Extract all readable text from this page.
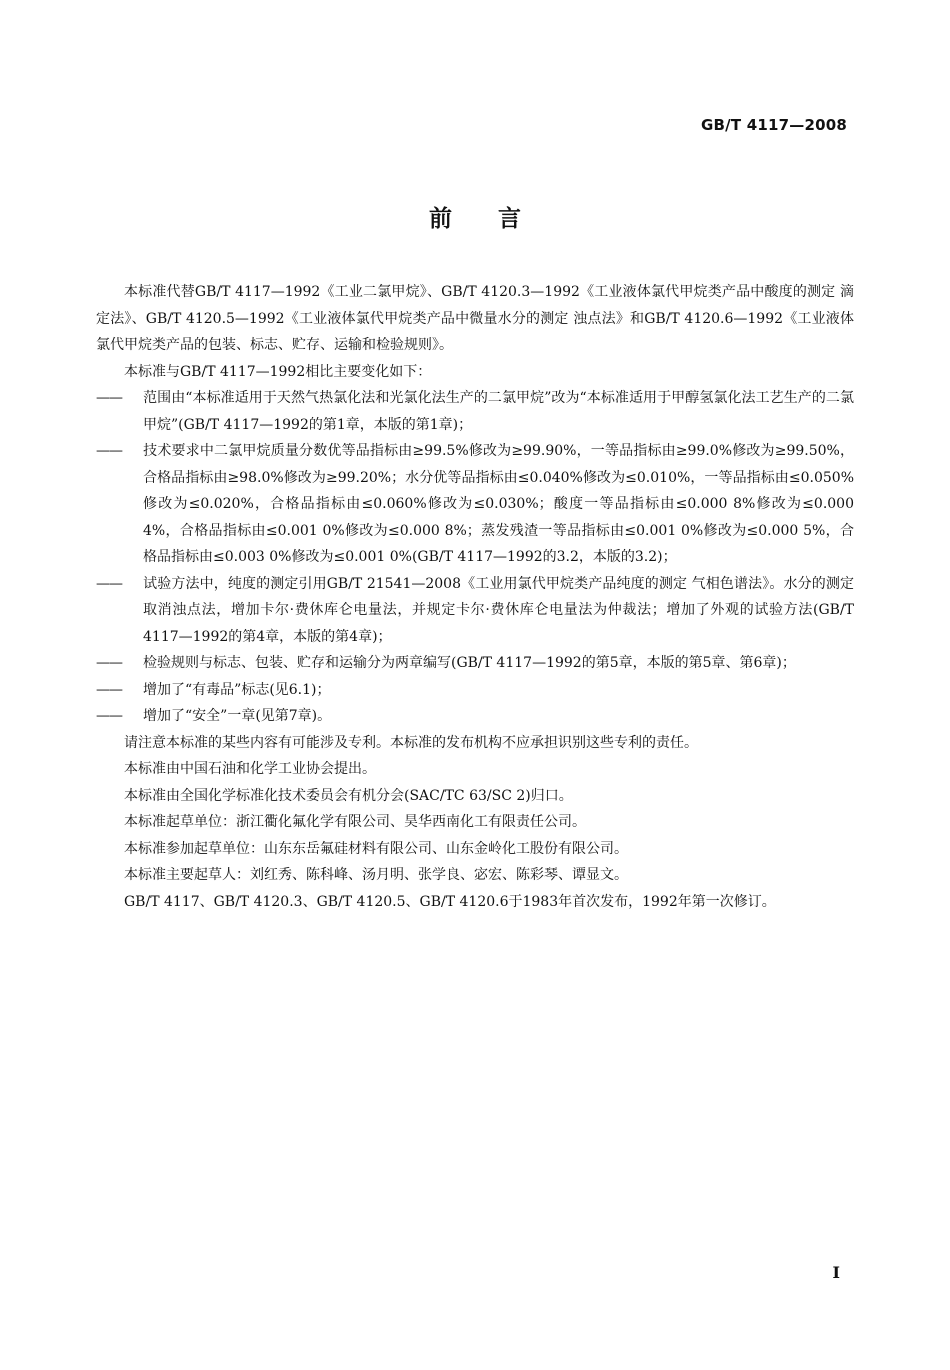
GB/T 4117—2008
前言

本标准代替GB/T 4117—1992《工业二氯甲烷》、GB/T 4120.3—1992《工业液体氯代甲烷类产品中酸度的测定 滴定法》、GB/T 4120.5—1992《工业液体氯代甲烷类产品中微量水分的测定 浊点法》和GB/T 4120.6—1992《工业液体氯代甲烷类产品的包装、标志、贮存、运输和检验规则》。

本标准与GB/T 4117—1992相比主要变化如下：

—— 范围由“本标准适用于天然气热氯化法和光氯化法生产的二氯甲烷”改为“本标准适用于甲醇氢氯化法工艺生产的二氯甲烷”(GB/T 4117—1992的第1章，本版的第1章)；

—— 技术要求中二氯甲烷质量分数优等品指标由≥99.5%修改为≥99.90%，一等品指标由≥99.0%修改为≥99.50%，合格品指标由≥98.0%修改为≥99.20%；水分优等品指标由≤0.040%修改为≤0.010%，一等品指标由≤0.050%修改为≤0.020%，合格品指标由≤0.060%修改为≤0.030%；酸度一等品指标由≤0.000 8%修改为≤0.000 4%，合格品指标由≤0.001 0%修改为≤0.000 8%；蒸发残渣一等品指标由≤0.001 0%修改为≤0.000 5%，合格品指标由≤0.003 0%修改为≤0.001 0%(GB/T 4117—1992的3.2，本版的3.2)；

—— 试验方法中，纯度的测定引用GB/T 21541—2008《工业用氯代甲烷类产品纯度的测定 气相色谱法》。水分的测定取消浊点法，增加卡尔·费休库仑电量法，并规定卡尔·费休库仑电量法为仲裁法；增加了外观的试验方法(GB/T 4117—1992的第4章，本版的第4章)；

—— 检验规则与标志、包装、贮存和运输分为两章编写(GB/T 4117—1992的第5章，本版的第5章、第6章)；

—— 增加了“有毒品”标志(见6.1)；

—— 增加了“安全”一章(见第7章)。

请注意本标准的某些内容有可能涉及专利。本标准的发布机构不应承担识别这些专利的责任。

本标准由中国石油和化学工业协会提出。

本标准由全国化学标准化技术委员会有机分会(SAC/TC 63/SC 2)归口。

本标准起草单位：浙江衢化氟化学有限公司、昊华西南化工有限责任公司。

本标准参加起草单位：山东东岳氟硅材料有限公司、山东金岭化工股份有限公司。

本标准主要起草人：刘红秀、陈科峰、汤月明、张学良、宓宏、陈彩琴、谭显文。

GB/T 4117、GB/T 4120.3、GB/T 4120.5、GB/T 4120.6于1983年首次发布，1992年第一次修订。

I
